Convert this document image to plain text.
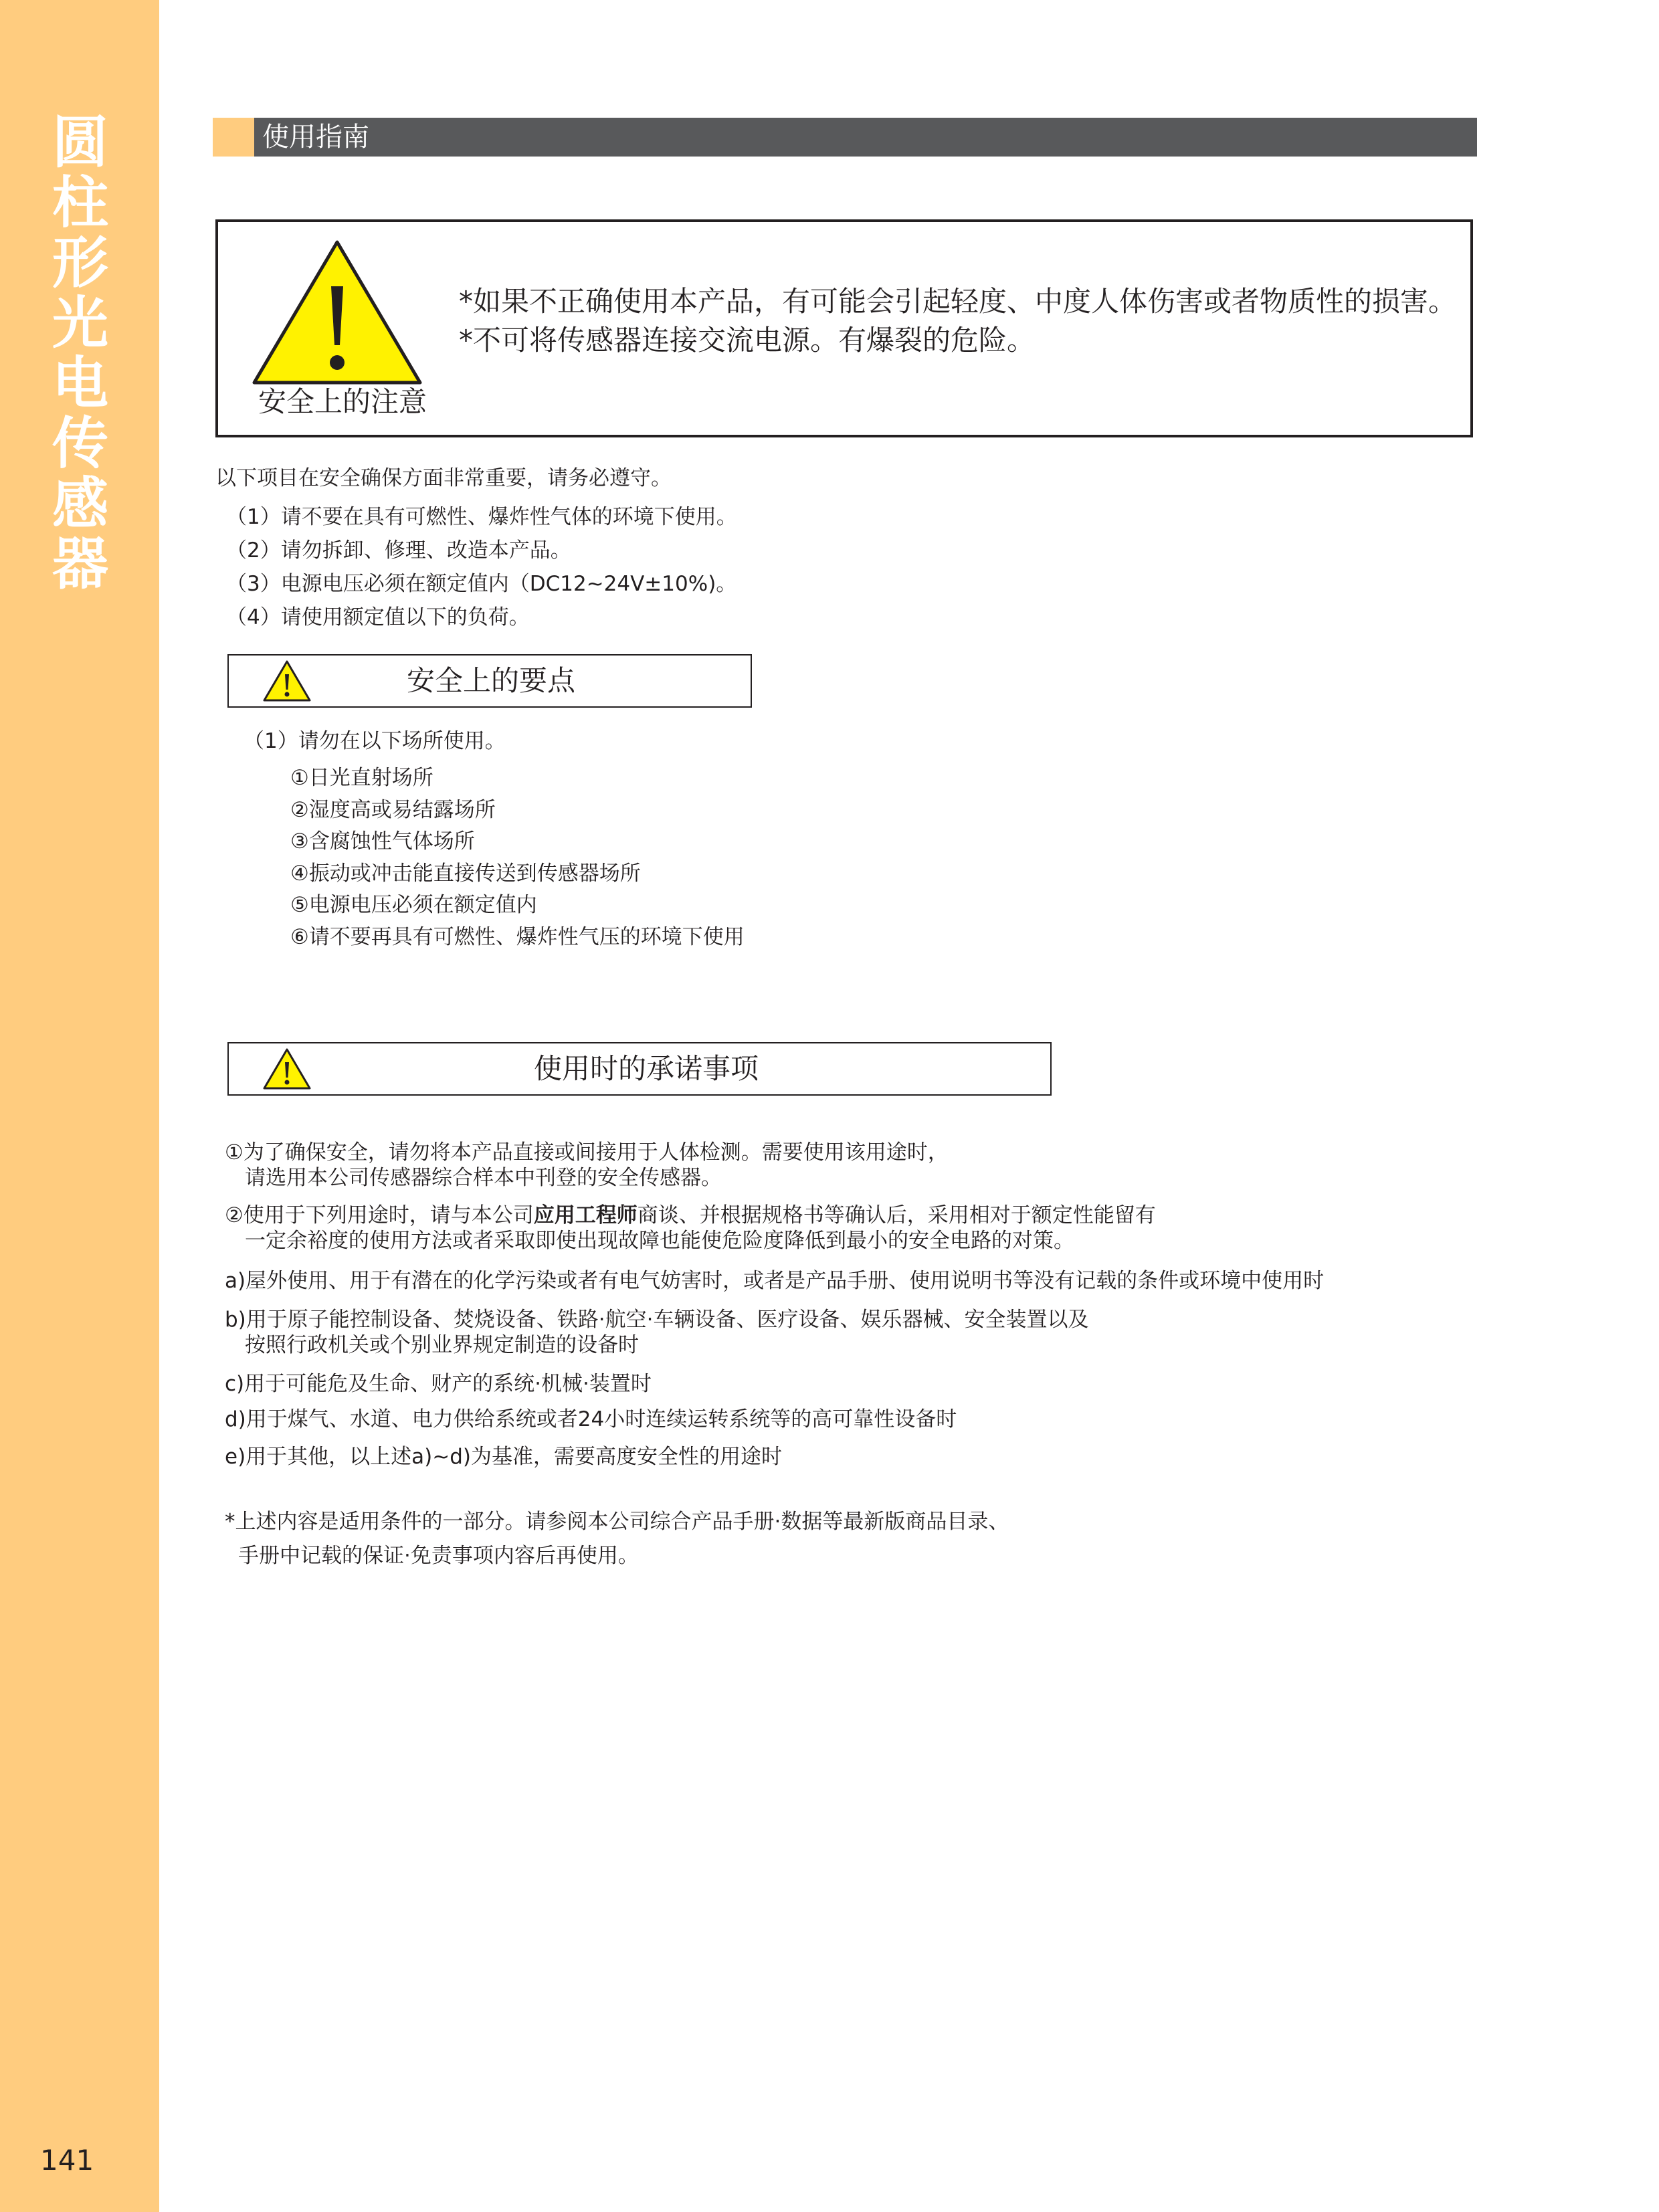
圆柱形光电传感器
141
使用指南
安全上的注意
*如果不正确使用本产品，有可能会引起轻度、中度人体伤害或者物质性的损害。
*不可将传感器连接交流电源。有爆裂的危险。
以下项目在安全确保方面非常重要，请务必遵守。
（1）请不要在具有可燃性、爆炸性气体的环境下使用。
（2）请勿拆卸、修理、改造本产品。
（3）电源电压必须在额定值内（DC12~24V±10%)。
（4）请使用额定值以下的负荷。
安全上的要点
（1）请勿在以下场所使用。
①日光直射场所
②湿度高或易结露场所
③含腐蚀性气体场所
④振动或冲击能直接传送到传感器场所
⑤电源电压必须在额定值内
⑥请不要再具有可燃性、爆炸性气压的环境下使用
使用时的承诺事项
①为了确保安全，请勿将本产品直接或间接用于人体检测。需要使用该用途时，
请选用本公司传感器综合样本中刊登的安全传感器。
②使用于下列用途时，请与本公司应用工程师商谈、并根据规格书等确认后，采用相对于额定性能留有
一定余裕度的使用方法或者采取即使出现故障也能使危险度降低到最小的安全电路的对策。
a)屋外使用、用于有潜在的化学污染或者有电气妨害时，或者是产品手册、使用说明书等没有记载的条件或环境中使用时
b)用于原子能控制设备、焚烧设备、铁路·航空·车辆设备、医疗设备、娱乐器械、安全装置以及
按照行政机关或个别业界规定制造的设备时
c)用于可能危及生命、财产的系统·机械·装置时
d)用于煤气、水道、电力供给系统或者24小时连续运转系统等的高可靠性设备时
e)用于其他，以上述a)~d)为基准，需要高度安全性的用途时
*上述内容是适用条件的一部分。请参阅本公司综合产品手册·数据等最新版商品目录、
手册中记载的保证·免责事项内容后再使用。
